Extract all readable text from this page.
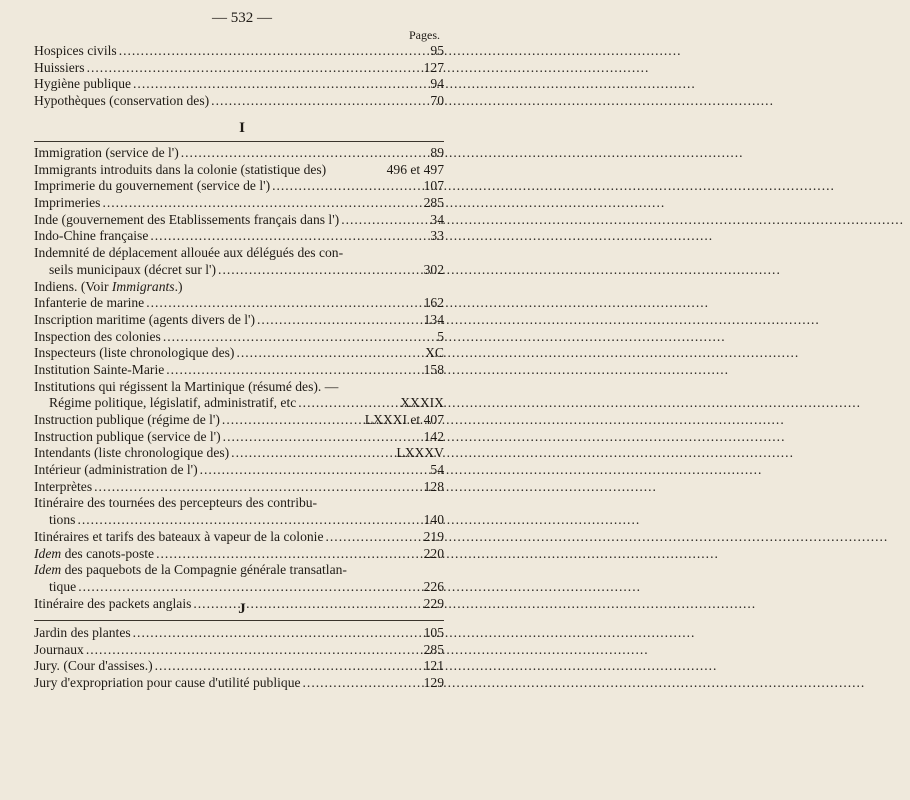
— 532 —
Pages.
Hospices civils . . .	95
Huissiers . . .	127
Hygiène publique . . .	94
Hypothèques (conservation des) . . .	70
I
Immigration (service de l') . . .	89
Immigrants introduits dans la colonie (statistique des)	496 et 497
Imprimerie du gouvernement (service de l') . . .	107
Imprimeries . . .	285
Inde (gouvernement des Etablissements français dans l') . . .	34
Indo-Chine française . . .	33
Indemnité de déplacement allouée aux délégués des con-
seils municipaux (décret sur l') . . .	302
Indiens. (Voir Immigrants.)
Infanterie de marine . . .	162
Inscription maritime (agents divers de l') . . .	134
Inspection des colonies . . .	5
Inspecteurs (liste chronologique des) . . .	XC
Institution Sainte-Marie . . .	158
Institutions qui régissent la Martinique (résumé des). —
Régime politique, législatif, administratif, etc . . .	XXXIX
Instruction publique (régime de l') . . .	LXXXI et 407
Instruction publique (service de l') . . .	142
Intendants (liste chronologique des) . . .	LXXXV
Intérieur (administration de l') . . .	54
Interprètes . . .	128
Itinéraire des tournées des percepteurs des contribu-
tions . . .	140
Itinéraires et tarifs des bateaux à vapeur de la colonie . . .	219
Idem des canots-poste . . .	220
Idem des paquebots de la Compagnie générale transatlan-
tique . . .	226
Itinéraire des packets anglais . . .	229
J
Jardin des plantes . . .	105
Journaux . . .	285
Jury. (Cour d'assises.) . . .	121
Jury d'expropriation pour cause d'utilité publique . . .	129
